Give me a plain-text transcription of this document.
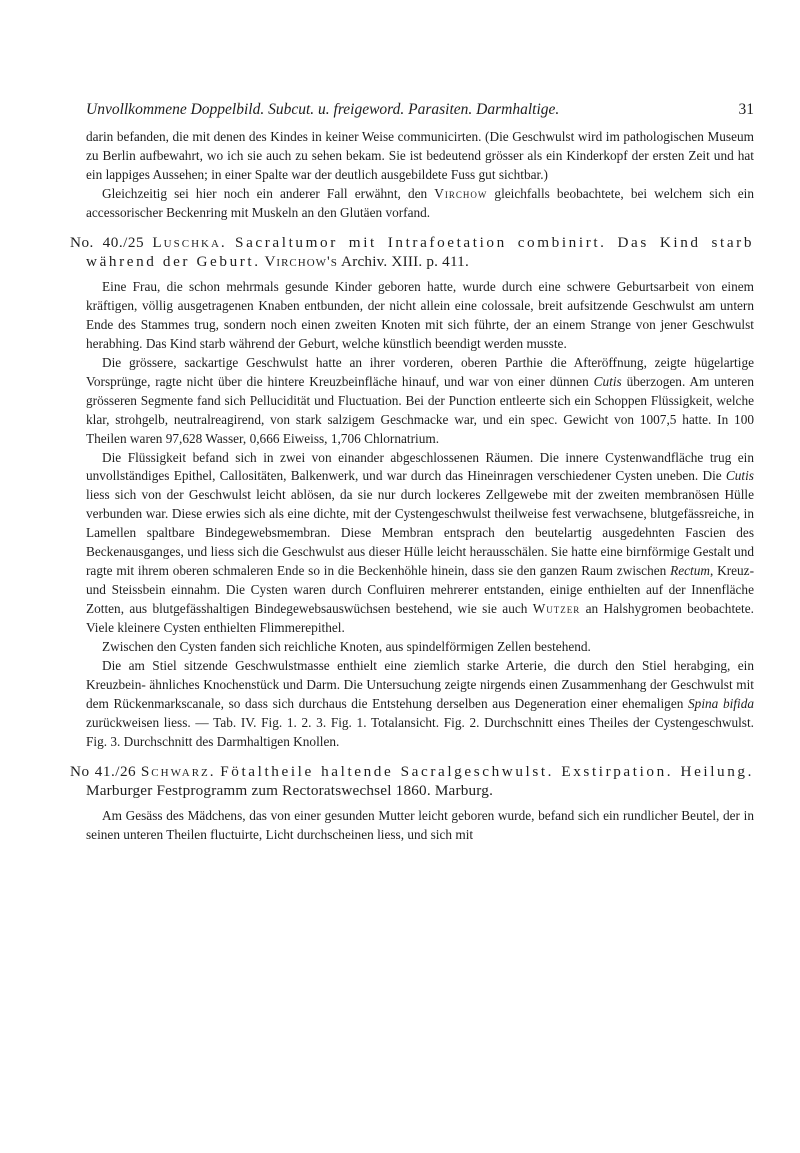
Unvollkommene Doppelbild. Subcut. u. freigeword. Parasiten. Darmhaltige.	31

darin befanden, die mit denen des Kindes in keiner Weise communicirten. (Die Geschwulst wird im pathologischen Museum zu Berlin aufbewahrt, wo ich sie auch zu sehen bekam. Sie ist bedeutend grösser als ein Kinderkopf der ersten Zeit und hat ein lappiges Aussehen; in einer Spalte war der deutlich ausgebildete Fuss gut sichtbar.)

Gleichzeitig sei hier noch ein anderer Fall erwähnt, den Virchow gleichfalls beobachtete, bei welchem sich ein accessorischer Beckenring mit Muskeln an den Glutäen vorfand.

No. 40./25 Luschka. Sacraltumor mit Intrafoetation combinirt. Das Kind starb während der Geburt. Virchow's Archiv. XIII. p. 411.

Eine Frau, die schon mehrmals gesunde Kinder geboren hatte, wurde durch eine schwere Geburtsarbeit von einem kräftigen, völlig ausgetragenen Knaben entbunden, der nicht allein eine colossale, breit aufsitzende Geschwulst am untern Ende des Stammes trug, sondern noch einen zweiten Knoten mit sich führte, der an einem Strange von jener Geschwulst herabhing. Das Kind starb während der Geburt, welche künstlich beendigt werden musste.

Die grössere, sackartige Geschwulst hatte an ihrer vorderen, oberen Parthie die Afteröffnung, zeigte hügelartige Vorsprünge, ragte nicht über die hintere Kreuzbeinfläche hinauf, und war von einer dünnen Cutis überzogen. Am unteren grösseren Segmente fand sich Pellucidität und Fluctuation. Bei der Punction entleerte sich ein Schoppen Flüssigkeit, welche klar, strohgelb, neutralreagirend, von stark salzigem Geschmacke war, und ein spec. Gewicht von 1007,5 hatte. In 100 Theilen waren 97,628 Wasser, 0,666 Eiweiss, 1,706 Chlornatrium.

Die Flüssigkeit befand sich in zwei von einander abgeschlossenen Räumen. Die innere Cystenwandfläche trug ein unvollständiges Epithel, Callositäten, Balkenwerk, und war durch das Hineinragen verschiedener Cysten uneben. Die Cutis liess sich von der Geschwulst leicht ablösen, da sie nur durch lockeres Zellgewebe mit der zweiten membranösen Hülle verbunden war. Diese erwies sich als eine dichte, mit der Cystengeschwulst theilweise fest verwachsene, blutgefässreiche, in Lamellen spaltbare Bindegewebsmembran. Diese Membran entsprach den beutelartig ausgedehnten Fascien des Beckenausganges, und liess sich die Geschwulst aus dieser Hülle leicht herausschälen. Sie hatte eine birnförmige Gestalt und ragte mit ihrem oberen schmaleren Ende so in die Beckenhöhle hinein, dass sie den ganzen Raum zwischen Rectum, Kreuz- und Steissbein einnahm. Die Cysten waren durch Confluiren mehrerer entstanden, einige enthielten auf der Innenfläche Zotten, aus blutgefässhaltigen Bindegewebsauswüchsen bestehend, wie sie auch Wutzer an Halshygromen beobachtete. Viele kleinere Cysten enthielten Flimmerepithel.

Zwischen den Cysten fanden sich reichliche Knoten, aus spindelförmigen Zellen bestehend.

Die am Stiel sitzende Geschwulstmasse enthielt eine ziemlich starke Arterie, die durch den Stiel herabging, ein Kreuzbein- ähnliches Knochenstück und Darm. Die Untersuchung zeigte nirgends einen Zusammenhang der Geschwulst mit dem Rückenmarkscanale, so dass sich durchaus die Entstehung derselben aus Degeneration einer ehemaligen Spina bifida zurückweisen liess. — Tab. IV. Fig. 1. 2. 3. Fig. 1. Totalansicht. Fig. 2. Durchschnitt eines Theiles der Cystengeschwulst. Fig. 3. Durchschnitt des Darmhaltigen Knollen.

No 41./26 Schwarz. Fötaltheile haltende Sacralgeschwulst. Exstirpation. Heilung. Marburger Festprogramm zum Rectoratswechsel 1860. Marburg.

Am Gesäss des Mädchens, das von einer gesunden Mutter leicht geboren wurde, befand sich ein rundlicher Beutel, der in seinen unteren Theilen fluctuirte, Licht durchscheinen liess, und sich mit
